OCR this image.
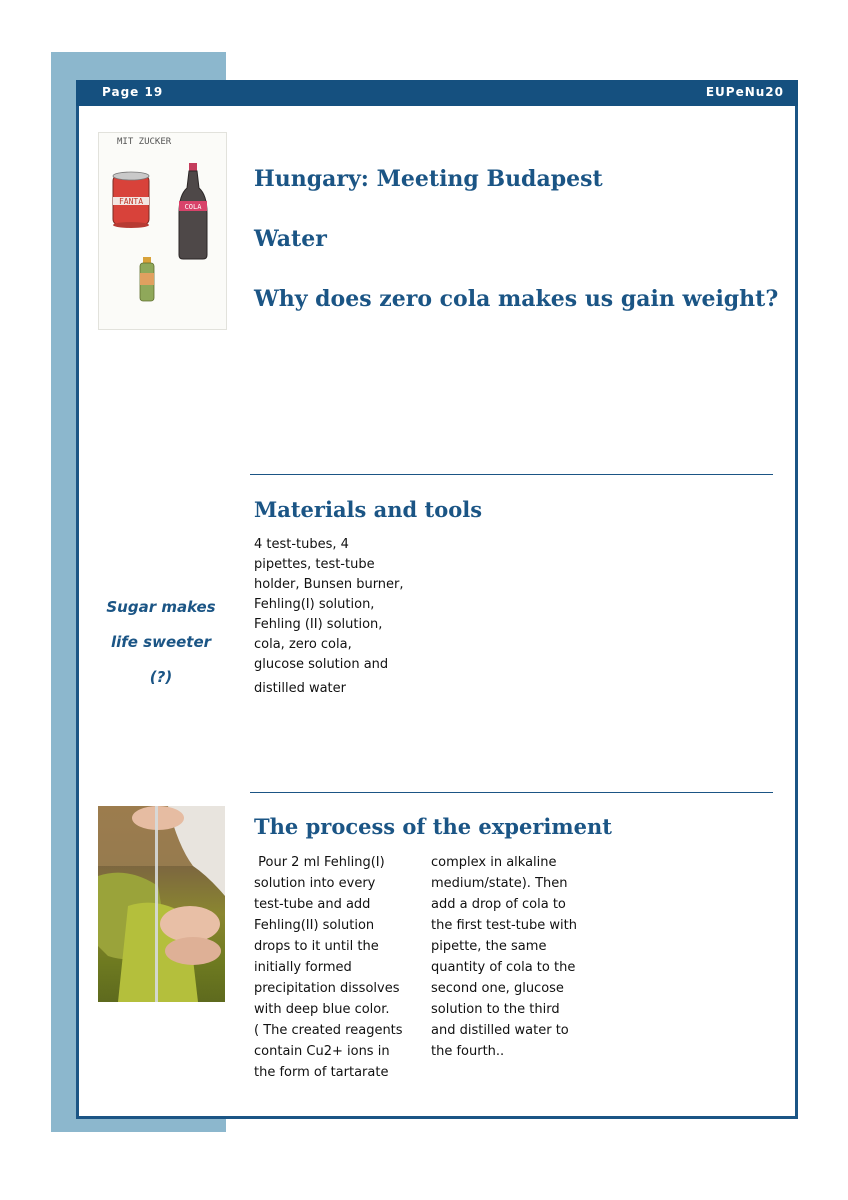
Page 19	EUPeNu20
MIT ZUCKER
FANTA
COLA
Hungary: Meeting Budapest
Water
Why does zero cola makes us gain weight?
Sugar makes
life sweeter
(?)
Materials and tools
4 test-tubes, 4
pipettes, test-tube
holder, Bunsen burner,
Fehling(I) solution,
Fehling (II) solution,
cola, zero cola,
glucose solution and
distilled water
The process of the experiment
Pour 2 ml Fehling(I)
solution into every
test-tube and add
Fehling(II) solution
drops to it until the
initially formed
precipitation dissolves
with deep blue color.
( The created reagents
contain Cu2+ ions in
the form of tartarate
complex in alkaline
medium/state). Then
add a drop of cola to
the first test-tube with
pipette, the same
quantity of cola to the
second one, glucose
solution to the third
and distilled water to
the fourth..
